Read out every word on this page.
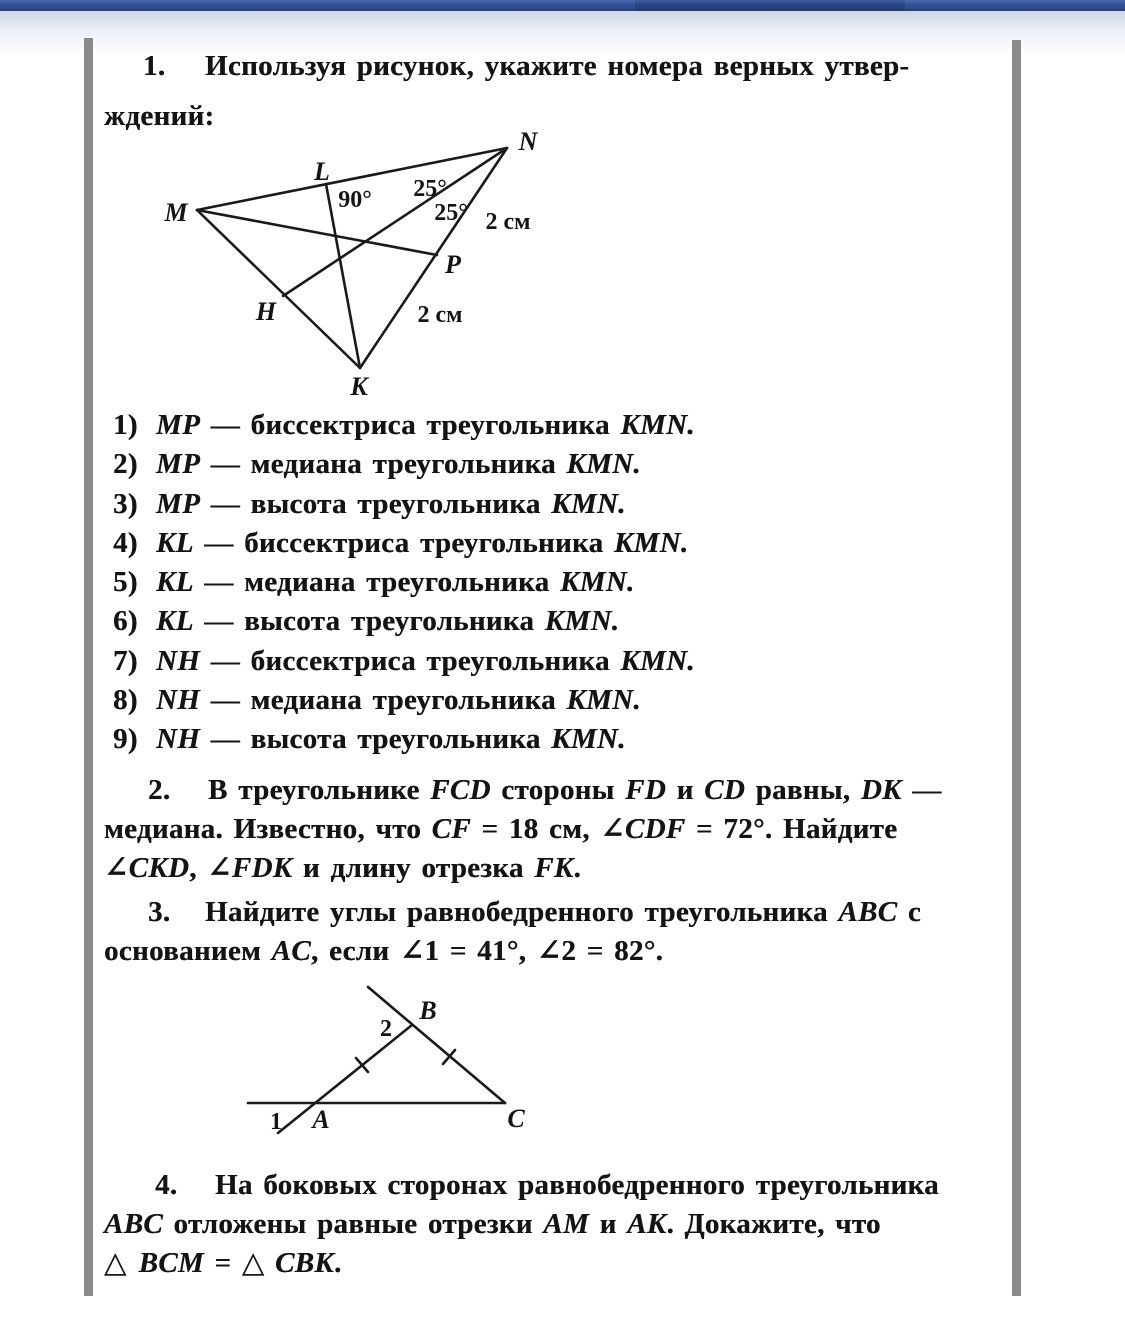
1. Используя рисунок, укажите номера верных утвер-
ждений:
M
N
K
L
P
H
90° 25°
25° 2 см
2 см
1) MP — биссектриса треугольника KMN.
2) MP — медиана треугольника KMN.
3) MP — высота треугольника KMN.
4) KL — биссектриса треугольника KMN.
5) KL — медиана треугольника KMN.
6) KL — высота треугольника KMN.
7) NH — биссектриса треугольника KMN.
8) NH — медиана треугольника KMN.
9) NH — высота треугольника KMN.
2. В треугольнике FCD стороны FD и CD равны, DK —
медиана. Известно, что CF = 18 см, ∠CDF = 72°. Найдите
∠CKD, ∠FDK и длину отрезка FK.
3. Найдите углы равнобедренного треугольника ABC с
основанием AC, если ∠1 = 41°, ∠2 = 82°.
B
2
1 A	C
4. На боковых сторонах равнобедренного треугольника
ABC отложены равные отрезки AM и AK. Докажите, что
△ BCM = △ CBK.
